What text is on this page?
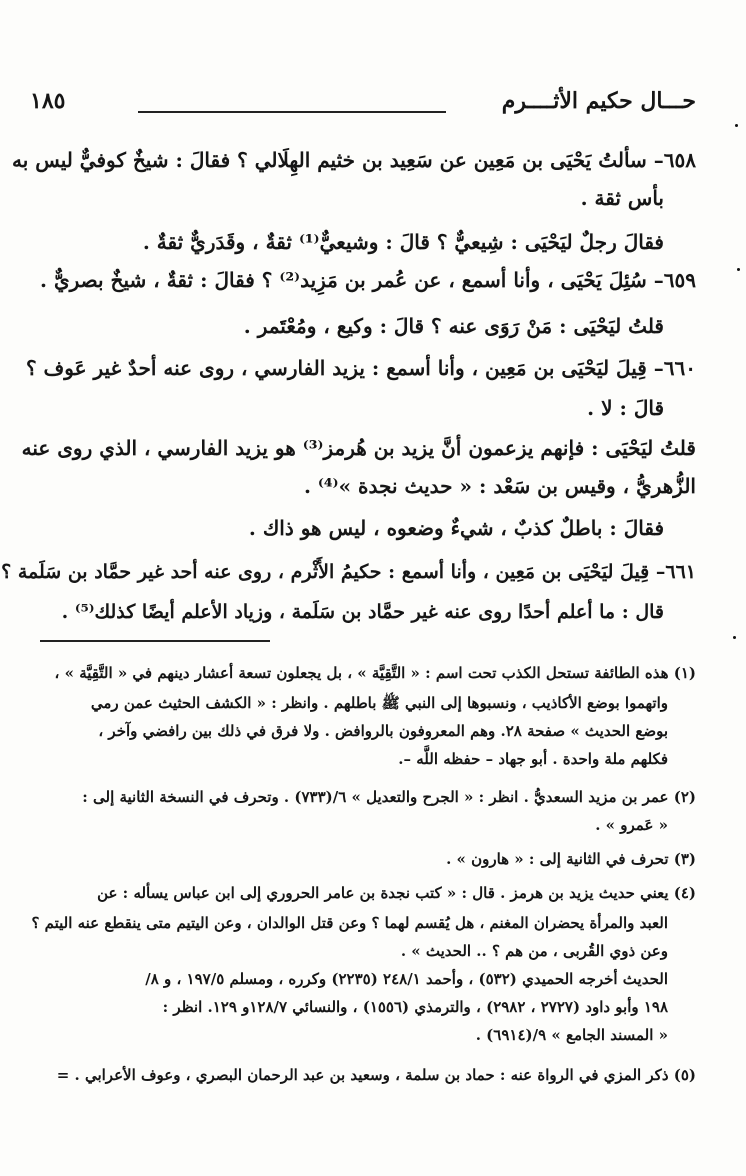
حـــال حكيم الأثــــرم
١٨٥
٦٥٨– سألتُ يَحْيَى بن مَعِين عن سَعِيد بن خثيم الهِلَالي ؟ فقالَ : شيخٌ كوفيٌّ ليس به
بأس ثقة .
فقالَ رجلٌ ليَحْيَى : شِيعيٌّ ؟ قالَ : وشيعيٌّ⁽¹⁾ ثقةٌ ، وقَدَريٌّ ثقةٌ .
٦٥٩– سُئِلَ يَحْيَى ، وأنا أسمع ، عن عُمر بن مَزِيد⁽²⁾ ؟ فقالَ : ثقةٌ ، شيخٌ بصريٌّ .
قلتُ ليَحْيَى : مَنْ رَوَى عنه ؟ قالَ : وكيع ، ومُعْتَمر .
٦٦٠– قِيلَ ليَحْيَى بن مَعِين ، وأنا أسمع : يزيد الفارسي ، روى عنه أحدٌ غير عَوف ؟
قالَ : لا .
قلتُ ليَحْيَى : فإنهم يزعمون أنَّ يزيد بن هُرمز⁽³⁾ هو يزيد الفارسي ، الذي روى عنه
الزُّهريُّ ، وقيس بن سَعْد : « حديث نجدة »⁽⁴⁾ .
فقالَ : باطلٌ كذبٌ ، شيءٌ وضعوه ، ليس هو ذاك .
٦٦١– قِيلَ ليَحْيَى بن مَعِين ، وأنا أسمع : حكيمُ الأَثْرم ، روى عنه أحد غير حمَّاد بن سَلَمة ؟
قال : ما أعلم أحدًا روى عنه غير حمَّاد بن سَلَمة ، وزياد الأعلم أيضًا كذلك⁽⁵⁾ .
(١) هذه الطائفة تستحل الكذب تحت اسم : « التَّقِيَّة » ، بل يجعلون تسعة أعشار دينهم في « التَّقِيَّة » ،
واتهموا بوضع الأكاذيب ، ونسبوها إلى النبي ﷺ باطلهم . وانظر : « الكشف الحثيث عمن رمي
بوضع الحديث » صفحة ٢٨. وهم المعروفون بالروافض . ولا فرق في ذلك بين رافضي وآخر ،
فكلهم ملة واحدة . أبو جهاد – حفظه اللَّه –.
(٢) عمر بن مزيد السعديُّ . انظر : « الجرح والتعديل » ٦/(٧٣٣) . وتحرف في النسخة الثانية إلى :
« عَمرو » .
(٣) تحرف في الثانية إلى : « هارون » .
(٤) يعني حديث يزيد بن هرمز . قال : « كتب نجدة بن عامر الحروري إلى ابن عباس يسأله : عن
العبد والمرأة يحضران المغنم ، هل يُقسم لهما ؟ وعن قتل الوالدان ، وعن اليتيم متى ينقطع عنه اليتم ؟
وعن ذوي القُربى ، من هم ؟ .. الحديث » .
الحديث أخرجه الحميدي (٥٣٢) ، وأحمد ٢٤٨/١ (٢٢٣٥) وكرره ، ومسلم ١٩٧/٥ ، و ٨/
١٩٨ وأبو داود (٢٧٢٧ ، ٢٩٨٢) ، والترمذي (١٥٥٦) ، والنسائي ١٢٨/٧و ١٢٩. انظر :
« المسند الجامع » ٩/(٦٩١٤) .
(٥) ذكر المزي في الرواة عنه : حماد بن سلمة ، وسعيد بن عبد الرحمان البصري ، وعوف الأعرابي . =
